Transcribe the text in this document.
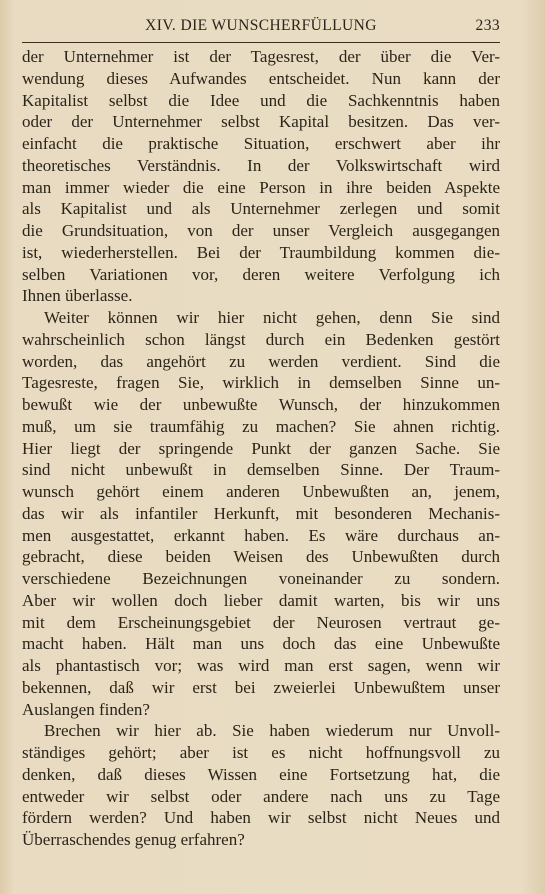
XIV. DIE WUNSCHERFÜLLUNG	233
der Unternehmer ist der Tagesrest, der über die Ver-
wendung dieses Aufwandes entscheidet. Nun kann der
Kapitalist selbst die Idee und die Sachkenntnis haben
oder der Unternehmer selbst Kapital besitzen. Das ver-
einfacht die praktische Situation, erschwert aber ihr
theoretisches Verständnis. In der Volkswirtschaft wird
man immer wieder die eine Person in ihre beiden Aspekte
als Kapitalist und als Unternehmer zerlegen und somit
die Grundsituation, von der unser Vergleich ausgegangen
ist, wiederherstellen. Bei der Traumbildung kommen die-
selben Variationen vor, deren weitere Verfolgung ich
Ihnen überlasse.
Weiter können wir hier nicht gehen, denn Sie sind
wahrscheinlich schon längst durch ein Bedenken gestört
worden, das angehört zu werden verdient. Sind die
Tagesreste, fragen Sie, wirklich in demselben Sinne un-
bewußt wie der unbewußte Wunsch, der hinzukommen
muß, um sie traumfähig zu machen? Sie ahnen richtig.
Hier liegt der springende Punkt der ganzen Sache. Sie
sind nicht unbewußt in demselben Sinne. Der Traum-
wunsch gehört einem anderen Unbewußten an, jenem,
das wir als infantiler Herkunft, mit besonderen Mechanis-
men ausgestattet, erkannt haben. Es wäre durchaus an-
gebracht, diese beiden Weisen des Unbewußten durch
verschiedene Bezeichnungen voneinander zu sondern.
Aber wir wollen doch lieber damit warten, bis wir uns
mit dem Erscheinungsgebiet der Neurosen vertraut ge-
macht haben. Hält man uns doch das eine Unbewußte
als phantastisch vor; was wird man erst sagen, wenn wir
bekennen, daß wir erst bei zweierlei Unbewußtem unser
Auslangen finden?
Brechen wir hier ab. Sie haben wiederum nur Unvoll-
ständiges gehört; aber ist es nicht hoffnungsvoll zu
denken, daß dieses Wissen eine Fortsetzung hat, die
entweder wir selbst oder andere nach uns zu Tage
fördern werden? Und haben wir selbst nicht Neues und
Überraschendes genug erfahren?
